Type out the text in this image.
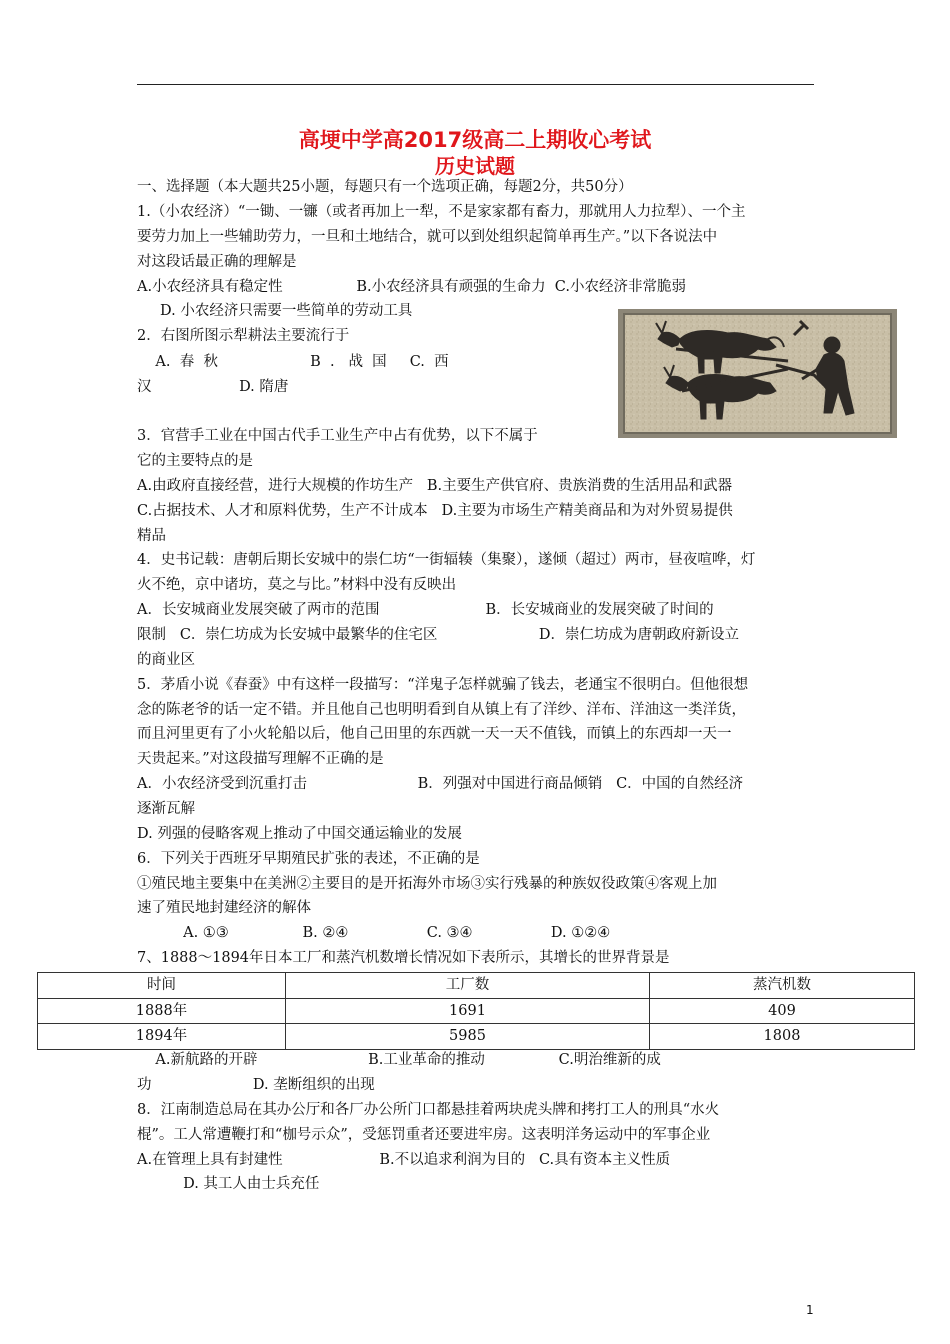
高埂中学高2017级高二上期收心考试
历史试题
一、选择题（本大题共25小题，每题只有一个选项正确，每题2分，共50分）
1.（小农经济）“一锄、一镰（或者再加上一犁，不是家家都有畜力，那就用人力拉犁）、一个主
要劳力加上一些辅助劳力，一旦和土地结合，就可以到处组织起简单再生产。”以下各说法中
对这段话最正确的理解是
A.小农经济具有稳定性                B.小农经济具有顽强的生命力  C.小农经济非常脆弱
D. 小农经济只需要一些简单的劳动工具
2．右图所图示犁耕法主要流行于
A.  春  秋                    B  .   战  国     C.  西
汉                   D. 隋唐
3．官营手工业在中国古代手工业生产中占有优势，以下不属于
它的主要特点的是
A.由政府直接经营，进行大规模的作坊生产   B.主要生产供官府、贵族消费的生活用品和武器
C.占据技术、人才和原料优势，生产不计成本   D.主要为市场生产精美商品和为对外贸易提供
精品
4．史书记载：唐朝后期长安城中的崇仁坊“一街辐辏（集聚），遂倾（超过）两市，昼夜喧哗，灯
火不绝，京中诸坊，莫之与比。”材料中没有反映出
A．长安城商业发展突破了两市的范围                       B．长安城商业的发展突破了时间的
限制   C．崇仁坊成为长安城中最繁华的住宅区                      D．崇仁坊成为唐朝政府新设立
的商业区
5．茅盾小说《春蚕》中有这样一段描写：“洋鬼子怎样就骗了钱去，老通宝不很明白。但他很想
念的陈老爷的话一定不错。并且他自己也明明看到自从镇上有了洋纱、洋布、洋油这一类洋货，
而且河里更有了小火轮船以后，他自己田里的东西就一天一天不值钱，而镇上的东西却一天一
天贵起来。”对这段描写理解不正确的是
A．小农经济受到沉重打击                        B．列强对中国进行商品倾销   C．中国的自然经济
逐渐瓦解
D. 列强的侵略客观上推动了中国交通运输业的发展
6．下列关于西班牙早期殖民扩张的表述，不正确的是
①殖民地主要集中在美洲②主要目的是开拓海外市场③实行残暴的种族奴役政策④客观上加
速了殖民地封建经济的解体
A. ①③                B. ②④                 C. ③④                 D. ①②④
7、1888～1894年日本工厂和蒸汽机数增长情况如下表所示，其增长的世界背景是
时间	工厂数	蒸汽机数
1888年	1691	409
1894年	5985	1808
A.新航路的开辟                        B.工业革命的推动                C.明治维新的成
功                      D. 垄断组织的出现
8．江南制造总局在其办公厅和各厂办公所门口都悬挂着两块虎头牌和拷打工人的刑具“水火
棍”。工人常遭鞭打和“枷号示众”，受惩罚重者还要进牢房。这表明洋务运动中的军事企业
A.在管理上具有封建性                     B.不以追求利润为目的   C.具有资本主义性质
D. 其工人由士兵充任
1
